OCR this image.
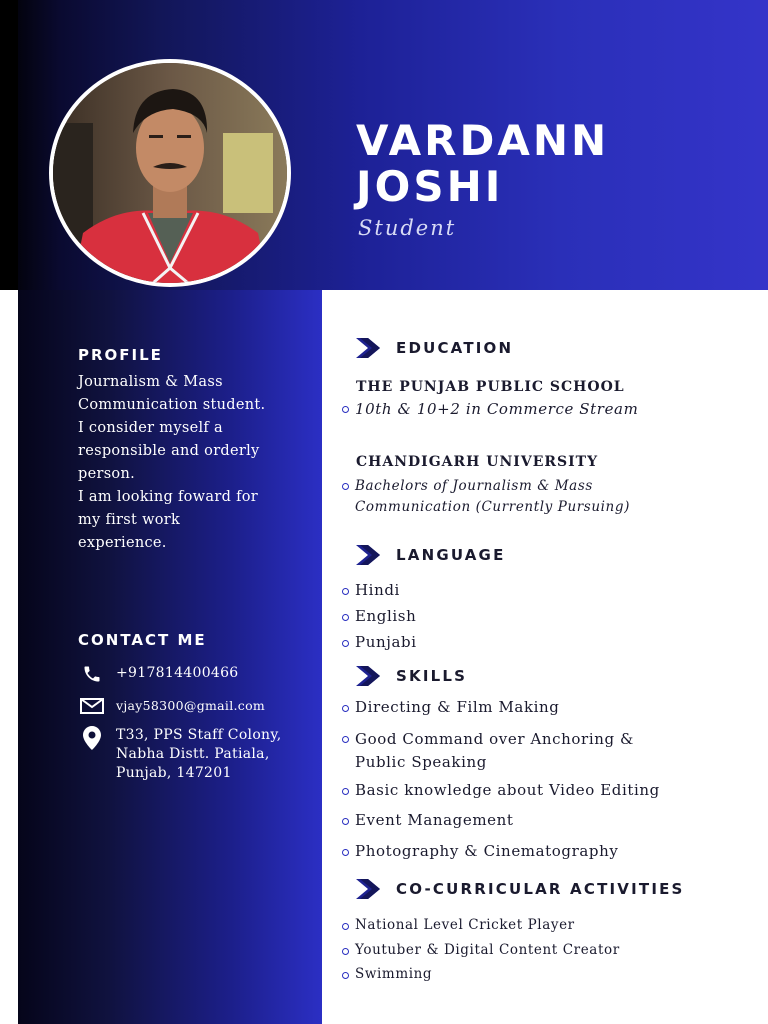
VARDANN
JOSHI
Student
PROFILE
Journalism & Mass
Communication student.
I consider myself a
responsible and orderly
person.
I am looking foward for
my first work
experience.
CONTACT ME
+917814400466
vjay58300@gmail.com
T33, PPS Staff Colony,
Nabha Distt. Patiala,
Punjab, 147201
EDUCATION
THE PUNJAB PUBLIC SCHOOL
10th & 10+2 in Commerce Stream
CHANDIGARH UNIVERSITY
Bachelors of Journalism & Mass
Communication (Currently Pursuing)
LANGUAGE
Hindi
English
Punjabi
SKILLS
Directing & Film Making
Good Command over Anchoring &
Public Speaking
Basic knowledge about Video Editing
Event Management
Photography & Cinematography
CO-CURRICULAR ACTIVITIES
National Level Cricket Player
Youtuber & Digital Content Creator
Swimming
